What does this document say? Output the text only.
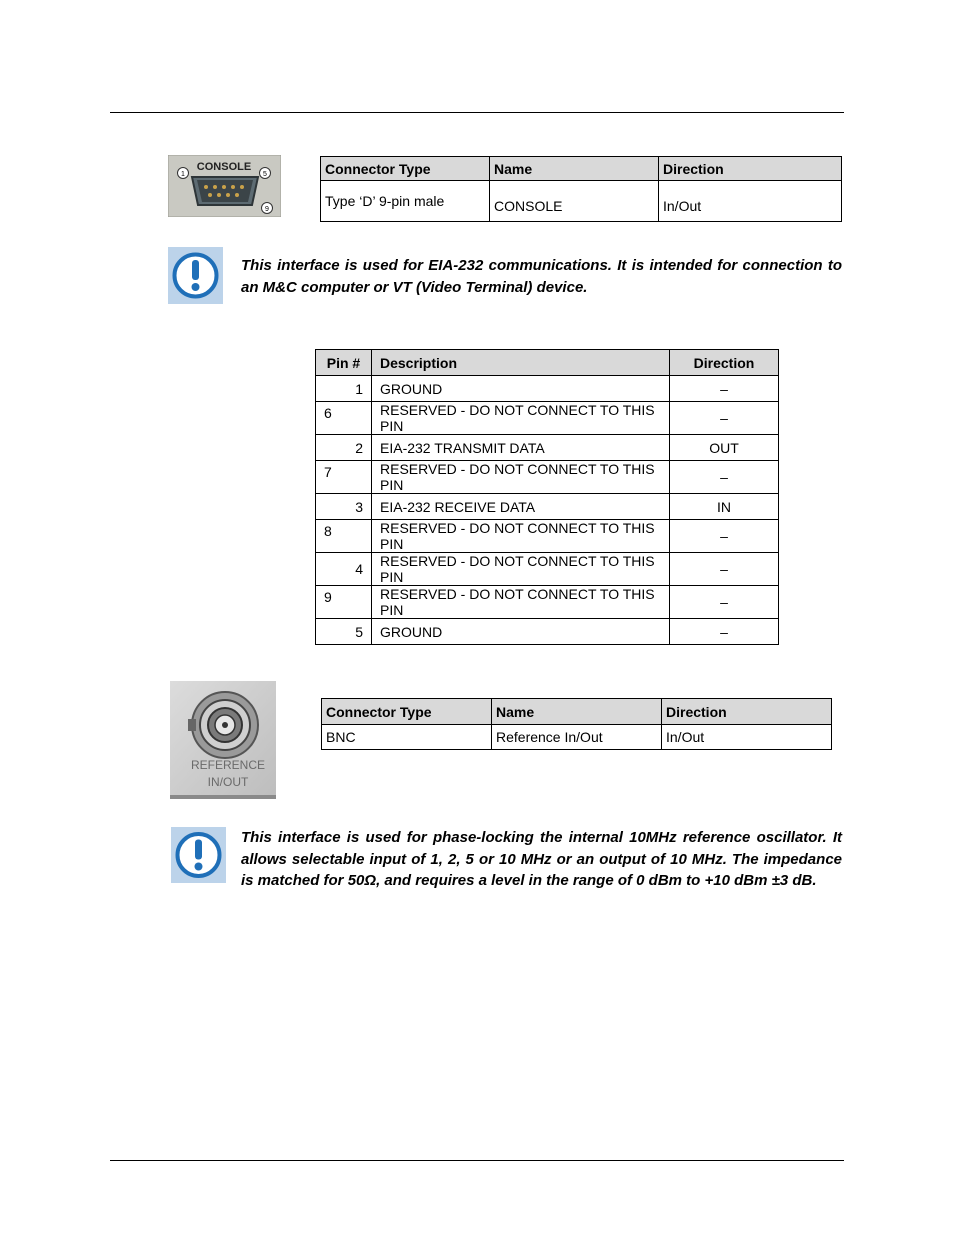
CONSOLE
1	5
9
Connector Type	Name	Direction
Type ‘D’ 9-pin male	CONSOLE	In/Out
This interface is used for EIA-232 communications. It is intended for connection to an M&C computer or VT (Video Terminal) device.
Pin #	Description	Direction
1	GROUND	–
6	RESERVED - DO NOT CONNECT TO THIS PIN	–
2	EIA-232 TRANSMIT DATA	OUT
7	RESERVED - DO NOT CONNECT TO THIS PIN	–
3	EIA-232 RECEIVE DATA	IN
8	RESERVED - DO NOT CONNECT TO THIS PIN	–
4	RESERVED - DO NOT CONNECT TO THIS PIN	–
9	RESERVED - DO NOT CONNECT TO THIS PIN	–
5	GROUND	–
REFERENCE
IN/OUT
Connector Type	Name	Direction
BNC	Reference In/Out	In/Out
This interface is used for phase-locking the internal 10MHz reference oscillator. It allows selectable input of 1, 2, 5 or 10 MHz or an output of 10 MHz. The impedance is matched for 50Ω, and requires a level in the range of 0 dBm to +10 dBm ±3 dB.
